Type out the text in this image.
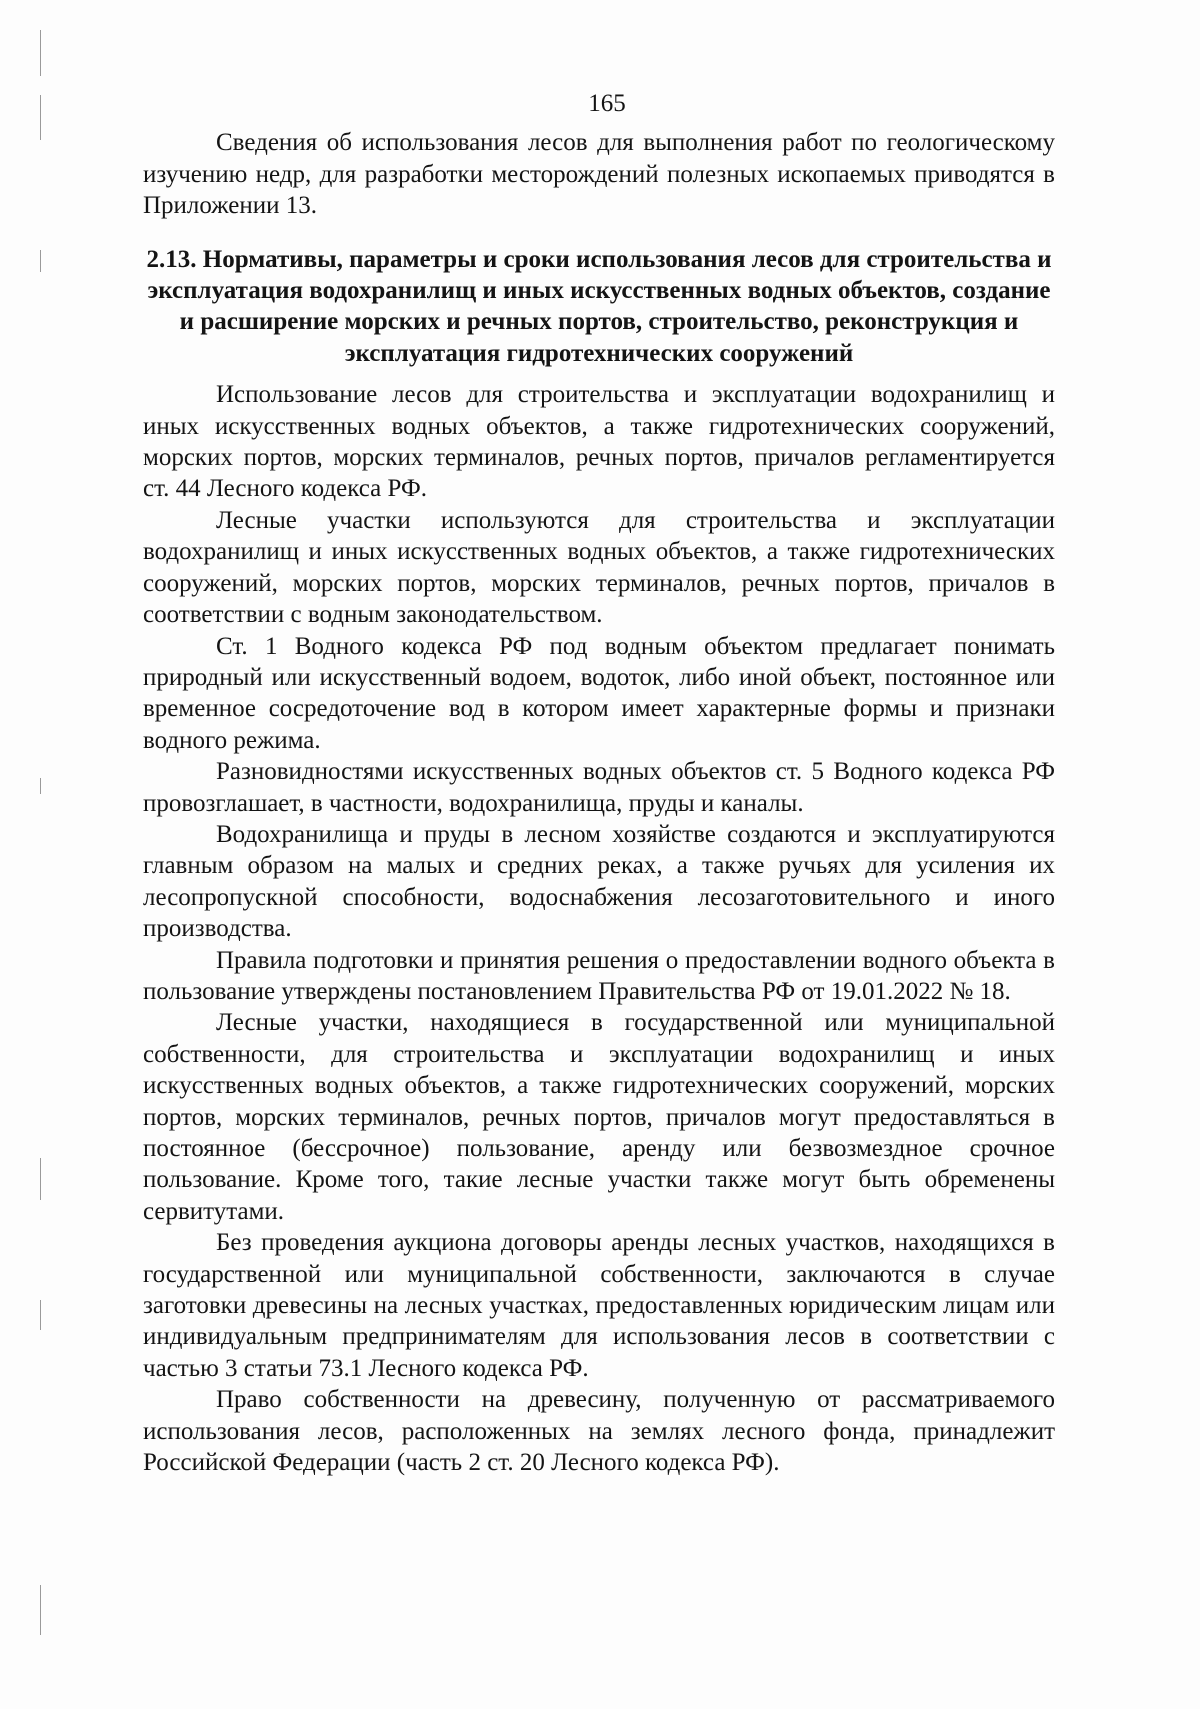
165

Сведения об использования лесов для выполнения работ по геологическому изучению недр, для разработки месторождений полезных ископаемых приводятся в Приложении 13.

2.13. Нормативы, параметры и сроки использования лесов для строительства и эксплуатация водохранилищ и иных искусственных водных объектов, создание и расширение морских и речных портов, строительство, реконструкция и эксплуатация гидротехнических сооружений

Использование лесов для строительства и эксплуатации водохранилищ и иных искусственных водных объектов, а также гидротехнических сооружений, морских портов, морских терминалов, речных портов, причалов регламентируется ст. 44 Лесного кодекса РФ.

Лесные участки используются для строительства и эксплуатации водохранилищ и иных искусственных водных объектов, а также гидротехнических сооружений, морских портов, морских терминалов, речных портов, причалов в соответствии с водным законодательством.

Ст. 1 Водного кодекса РФ под водным объектом предлагает понимать природный или искусственный водоем, водоток, либо иной объект, постоянное или временное сосредоточение вод в котором имеет характерные формы и признаки водного режима.

Разновидностями искусственных водных объектов ст. 5 Водного кодекса РФ провозглашает, в частности, водохранилища, пруды и каналы.

Водохранилища и пруды в лесном хозяйстве создаются и эксплуатируются главным образом на малых и средних реках, а также ручьях для усиления их лесопропускной способности, водоснабжения лесозаготовительного и иного производства.

Правила подготовки и принятия решения о предоставлении водного объекта в пользование утверждены постановлением Правительства РФ от 19.01.2022 № 18.

Лесные участки, находящиеся в государственной или муниципальной собственности, для строительства и эксплуатации водохранилищ и иных искусственных водных объектов, а также гидротехнических сооружений, морских портов, морских терминалов, речных портов, причалов могут предоставляться в постоянное (бессрочное) пользование, аренду или безвозмездное срочное пользование. Кроме того, такие лесные участки также могут быть обременены сервитутами.

Без проведения аукциона договоры аренды лесных участков, находящихся в государственной или муниципальной собственности, заключаются в случае заготовки древесины на лесных участках, предоставленных юридическим лицам или индивидуальным предпринимателям для использования лесов в соответствии с частью 3 статьи 73.1 Лесного кодекса РФ.

Право собственности на древесину, полученную от рассматриваемого использования лесов, расположенных на землях лесного фонда, принадлежит Российской Федерации (часть 2 ст. 20 Лесного кодекса РФ).
